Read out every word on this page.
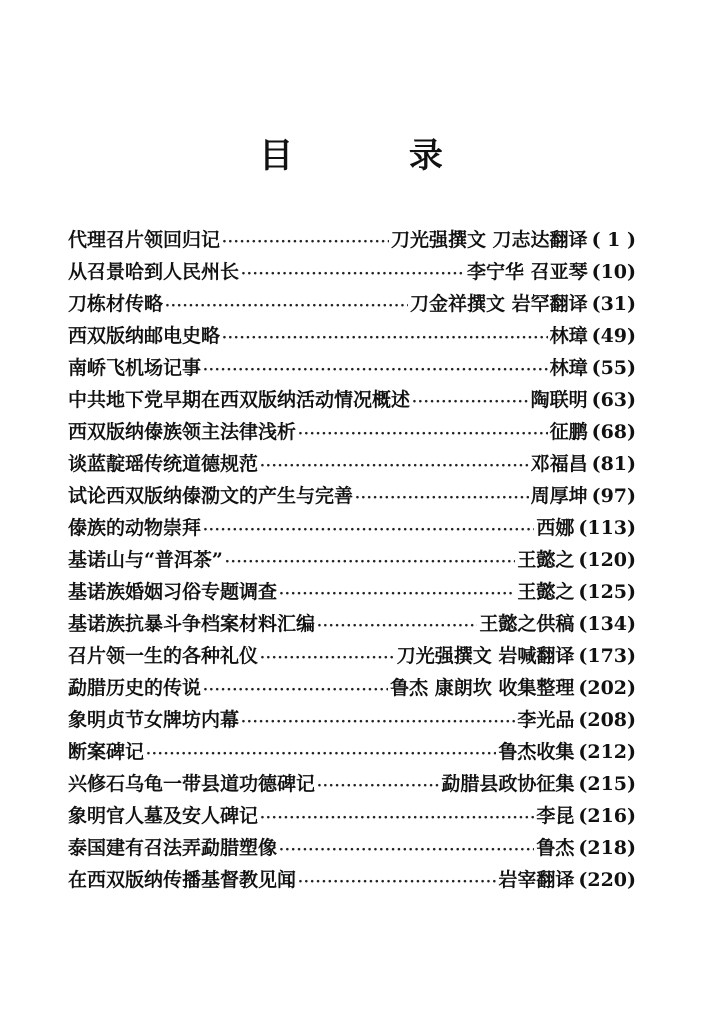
目 录
代理召片领回归记 ·····	刀光强撰文 刀志达翻译 ( 1 )
从召景哈到人民州长 ·····	李宁华 召亚琴 (10)
刀栋材传略 ·····	刀金祥撰文 岩罕翻译 (31)
西双版纳邮电史略 ·····	林璋 (49)
南峤飞机场记事 ·····	林璋 (55)
中共地下党早期在西双版纳活动情况概述 ·····	陶联明 (63)
西双版纳傣族领主法律浅析 ·····	征鹏 (68)
谈蓝靛瑶传统道德规范 ·····	邓福昌 (81)
试论西双版纳傣泐文的产生与完善 ·····	周厚坤 (97)
傣族的动物崇拜 ·····	西娜 (113)
基诺山与“普洱茶” ·····	王懿之 (120)
基诺族婚姻习俗专题调查 ·····	王懿之 (125)
基诺族抗暴斗争档案材料汇编 ·····	王懿之供稿 (134)
召片领一生的各种礼仪 ·····	刀光强撰文 岩喊翻译 (173)
勐腊历史的传说 ·····	鲁杰 康朗坎 收集整理 (202)
象明贞节女牌坊内幕 ·····	李光品 (208)
断案碑记 ·····	鲁杰收集 (212)
兴修石乌龟一带县道功德碑记 ·····	勐腊县政协征集 (215)
象明官人墓及安人碑记 ·····	李昆 (216)
泰国建有召法弄勐腊塑像 ·····	鲁杰 (218)
在西双版纳传播基督教见闻 ·····	岩宰翻译 (220)
